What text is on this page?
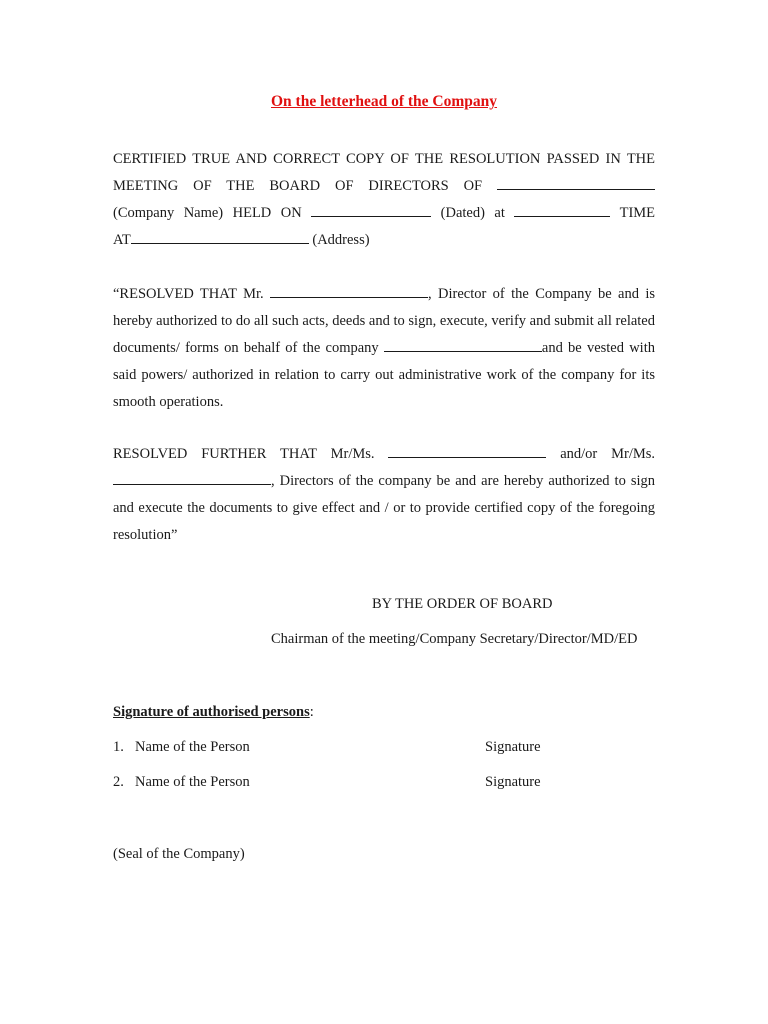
On the letterhead of the Company
CERTIFIED TRUE AND CORRECT COPY OF THE RESOLUTION PASSED IN THE
MEETING OF THE BOARD OF DIRECTORS OF
(Company Name) HELD ON	(Dated) at	TIME
AT	(Address)
“RESOLVED THAT Mr.	, Director of the Company be and is hereby authorized to do all such acts, deeds and to sign, execute, verify and submit all related documents/ forms on behalf of the company	and be vested with said powers/ authorized in relation to carry out administrative work of the company for its smooth operations.
RESOLVED FURTHER THAT Mr/Ms.	and/or Mr/Ms. , Directors of the company be and are hereby authorized to sign and execute the documents to give effect and / or to provide certified copy of the foregoing resolution”
BY THE ORDER OF BOARD
Chairman of the meeting/Company Secretary/Director/MD/ED
Signature of authorised persons:
1. Name of the Person	Signature
2. Name of the Person	Signature
(Seal of the Company)
